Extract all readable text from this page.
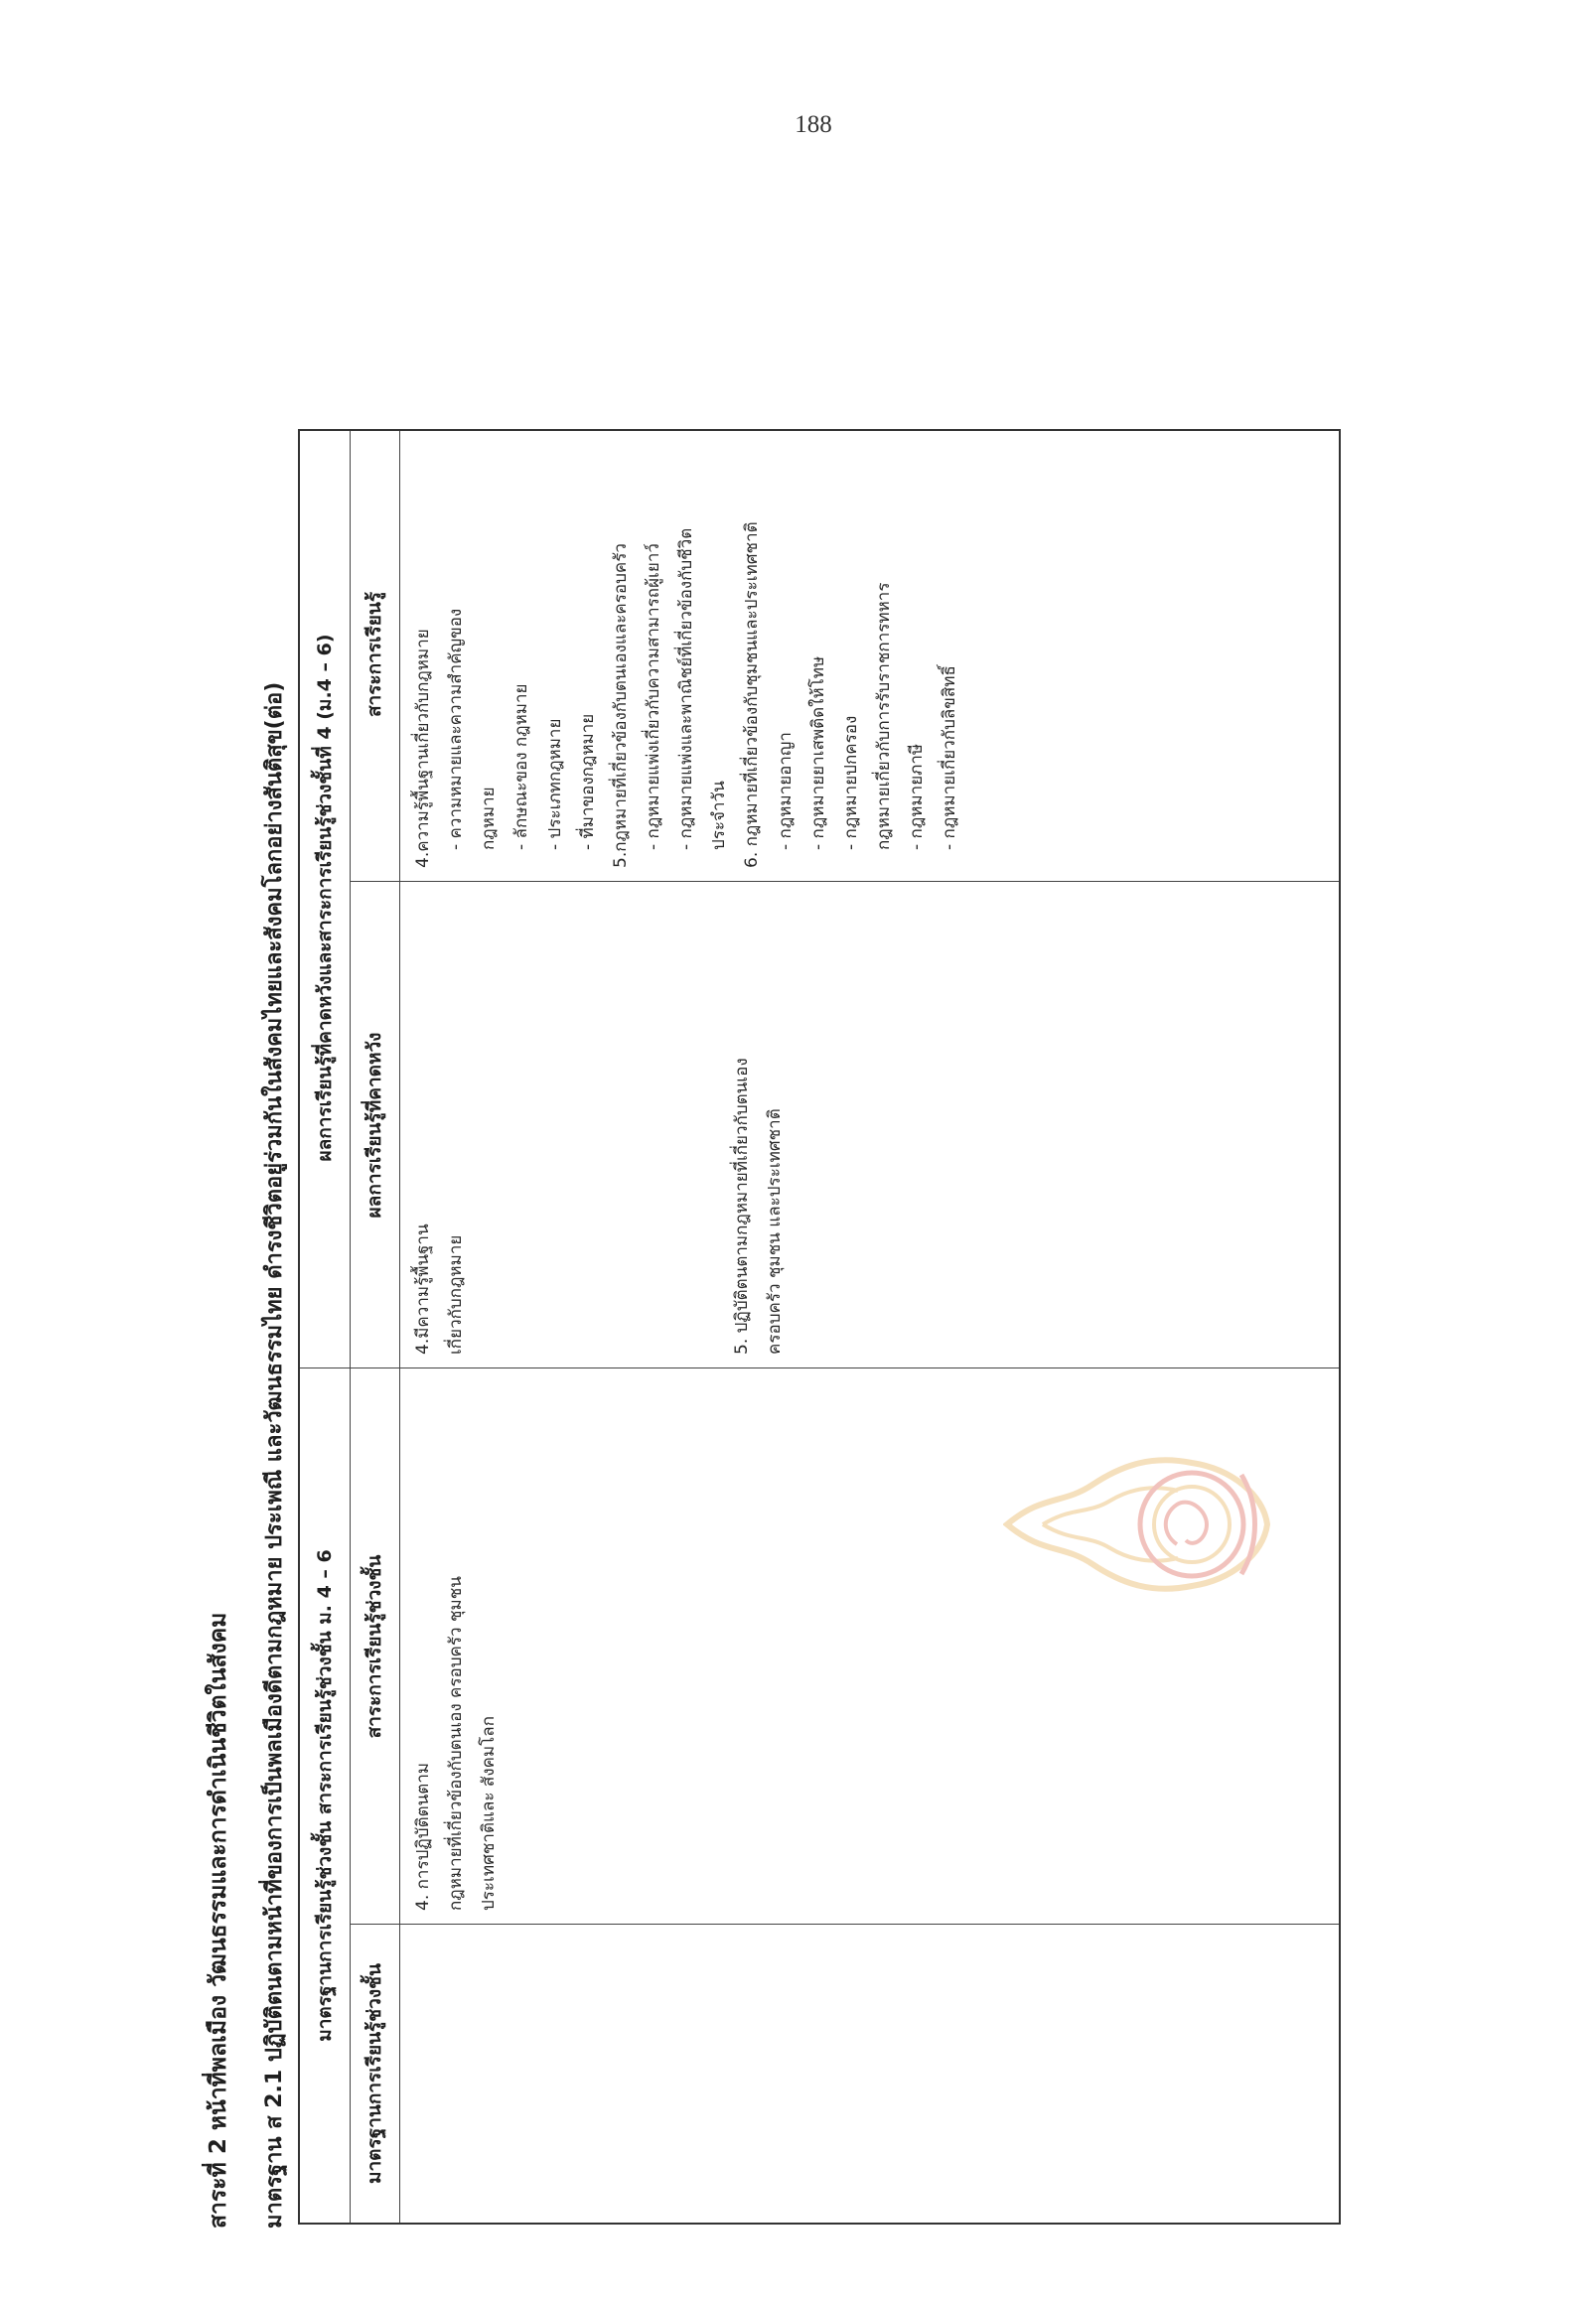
188
สาระที่ 2 หน้าที่พลเมือง วัฒนธรรมและการดำเนินชีวิตในสังคม มาตรฐาน ส 2.1 ปฏิบัติตนตามหน้าที่ของการเป็นพลเมืองดีตามกฎหมาย ประเพณี และวัฒนธรรมไทย ดำรงชีวิตอยู่ร่วมกันในสังคมไทยและสังคมโลกอย่างสันติสุข(ต่อ)	มาตรฐานการเรียนรู้ช่วงชั้น สาระการเรียนรู้ช่วงชั้น ม. 4 – 6
ผลการเรียนรู้ที่คาดหวังและสาระการเรียนรู้ช่วงชั้นที่ 4 (ม.4 – 6)
มาตรฐานการเรียนรู้ช่วงชั้น
สาระการเรียนรู้ช่วงชั้น
ผลการเรียนรู้ที่คาดหวัง
สาระการเรียนรู้

4. การปฏิบัติตนตาม กฎหมายที่เกี่ยวข้องกับตนเอง ครอบครัว ชุมชน ประเทศชาติและ สังคมโลก

4.มีความรู้พื้นฐาน เกี่ยวกับกฎหมาย	5. ปฏิบัติตนตามกฎหมายที่เกี่ยวกับตนเอง ครอบครัว ชุมชน และประเทศชาติ

4.ความรู้พื้นฐานเกี่ยวกับกฎหมาย - ความหมายและความสำคัญของ กฎหมาย - ลักษณะของ กฎหมาย - ประเภทกฎหมาย - ที่มาของกฎหมาย 5.กฎหมายที่เกี่ยวข้องกับตนเองและครอบครัว - กฎหมายแพ่งเกี่ยวกับความสามารถผู้เยาว์ - กฎหมายแพ่งและพาณิชย์ที่เกี่ยวข้องกับชีวิต ประจำวัน 6. กฎหมายที่เกี่ยวข้องกับชุมชนและประเทศชาติ - กฎหมายอาญา - กฎหมายยาเสพติดให้โทษ - กฎหมายปกครอง กฎหมายเกี่ยวกับการรับราชการทหาร - กฎหมายภาษี - กฎหมายเกี่ยวกับลิขสิทธิ์
